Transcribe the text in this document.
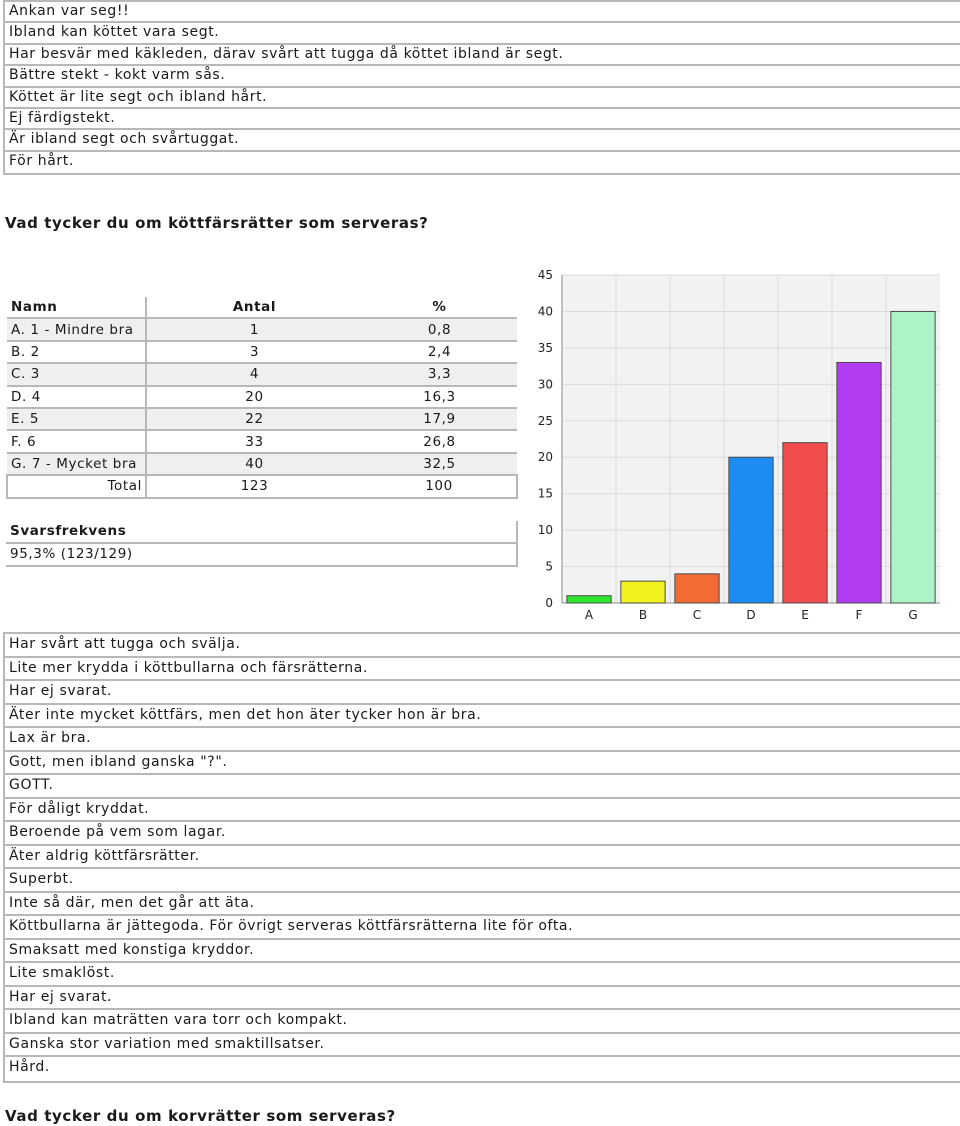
Ankan var seg!!
Ibland kan köttet vara segt.
Har besvär med käkleden, därav svårt att tugga då köttet ibland är segt.
Bättre stekt - kokt varm sås.
Köttet är lite segt och ibland hårt.
Ej färdigstekt.
Är ibland segt och svårtuggat.
För hårt.
Vad tycker du om köttfärsrätter som serveras?
Namn	Antal	%
A. 1 - Mindre bra	1	0,8
B. 2	3	2,4
C. 3	4	3,3
D. 4	20	16,3
E. 5	22	17,9
F. 6	33	26,8
G. 7 - Mycket bra	40	32,5
Total	123	100
Svarsfrekvens
95,3% (123/129)
0
5
10
15
20
25
30
35
40
45
A	B	C	D	E	F	G
Har svårt att tugga och svälja.
Lite mer krydda i köttbullarna och färsrätterna.
Har ej svarat.
Äter inte mycket köttfärs, men det hon äter tycker hon är bra.
Lax är bra.
Gott, men ibland ganska "?".
GOTT.
För dåligt kryddat.
Beroende på vem som lagar.
Äter aldrig köttfärsrätter.
Superbt.
Inte så där, men det går att äta.
Köttbullarna är jättegoda. För övrigt serveras köttfärsrätterna lite för ofta.
Smaksatt med konstiga kryddor.
Lite smaklöst.
Har ej svarat.
Ibland kan maträtten vara torr och kompakt.
Ganska stor variation med smaktillsatser.
Hård.
Vad tycker du om korvrätter som serveras?
